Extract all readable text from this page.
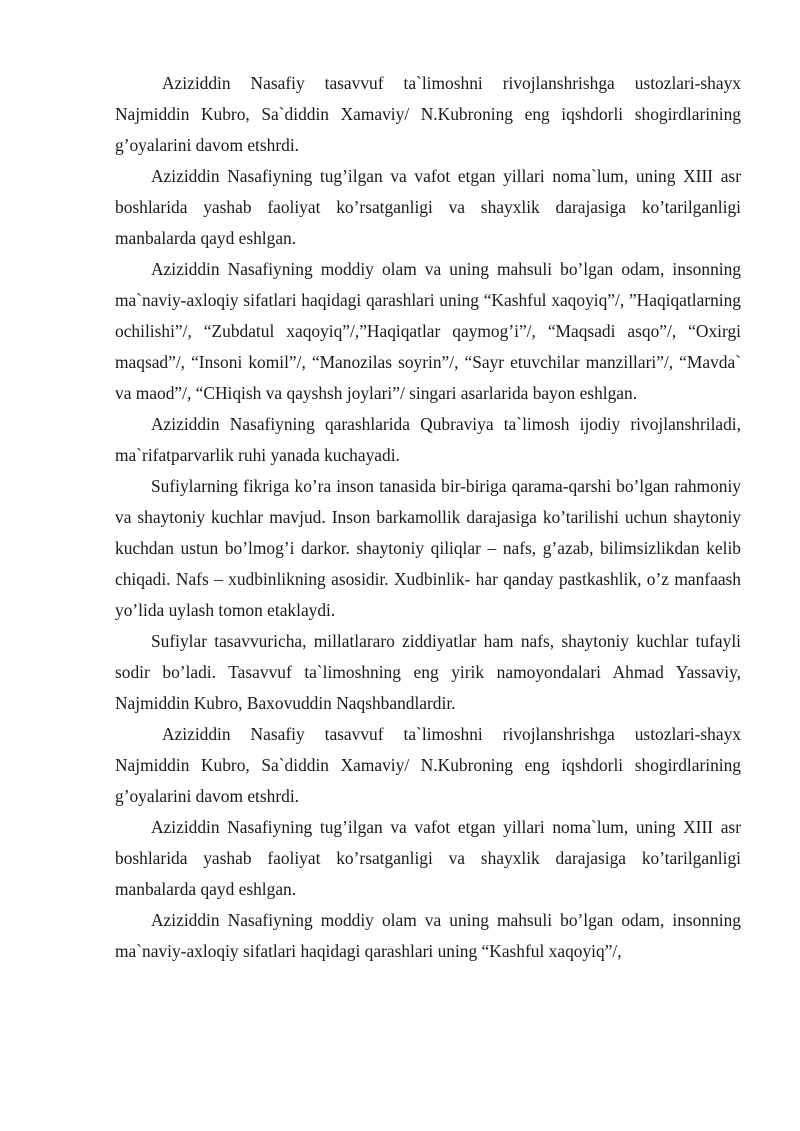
Aziziddin Nasafiy tasavvuf ta`limoshni rivojlanshrishga ustozlari-shayx Najmiddin Kubro, Sa`diddin Xamaviy/ N.Kubroning eng iqshdorli shogirdlarining g’oyalarini davom etshrdi.

Aziziddin Nasafiyning tug’ilgan va vafot etgan yillari noma`lum, uning XIII asr boshlarida yashab faoliyat ko’rsatganligi va shayxlik darajasiga ko’tarilganligi manbalarda qayd eshlgan.

Aziziddin Nasafiyning moddiy olam va uning mahsuli bo’lgan odam, insonning ma`naviy-axloqiy sifatlari haqidagi qarashlari uning “Kashful xaqoyiq”/, ”Haqiqatlarning ochilishi”/, “Zubdatul xaqoyiq”/,”Haqiqatlar qaymog’i”/, “Maqsadi asqo”/, “Oxirgi maqsad”/, “Insoni komil”/, “Manozilas soyrin”/, “Sayr etuvchilar manzillari”/, “Mavda` va maod”/, “CHiqish va qayshsh joylari”/ singari asarlarida bayon eshlgan.

Aziziddin Nasafiyning qarashlarida Qubraviya ta`limosh ijodiy rivojlanshriladi, ma`rifatparvarlik ruhi yanada kuchayadi.

Sufiylarning fikriga ko’ra inson tanasida bir-biriga qarama-qarshi bo’lgan rahmoniy va shaytoniy kuchlar mavjud. Inson barkamollik darajasiga ko’tarilishi uchun shaytoniy kuchdan ustun bo’lmog’i darkor. shaytoniy qiliqlar – nafs, g’azab, bilimsizlikdan kelib chiqadi. Nafs – xudbinlikning asosidir. Xudbinlik- har qanday pastkashlik, o’z manfaash yo’lida uylash tomon etaklaydi.

Sufiylar tasavvuricha, millatlararo ziddiyatlar ham nafs, shaytoniy kuchlar tufayli sodir bo’ladi. Tasavvuf ta`limoshning eng yirik namoyondalari Ahmad Yassaviy, Najmiddin Kubro, Baxovuddin Naqshbandlardir.

Aziziddin Nasafiy tasavvuf ta`limoshni rivojlanshrishga ustozlari-shayx Najmiddin Kubro, Sa`diddin Xamaviy/ N.Kubroning eng iqshdorli shogirdlarining g’oyalarini davom etshrdi.

Aziziddin Nasafiyning tug’ilgan va vafot etgan yillari noma`lum, uning XIII asr boshlarida yashab faoliyat ko’rsatganligi va shayxlik darajasiga ko’tarilganligi manbalarda qayd eshlgan.

Aziziddin Nasafiyning moddiy olam va uning mahsuli bo’lgan odam, insonning ma`naviy-axloqiy sifatlari haqidagi qarashlari uning “Kashful xaqoyiq”/,
